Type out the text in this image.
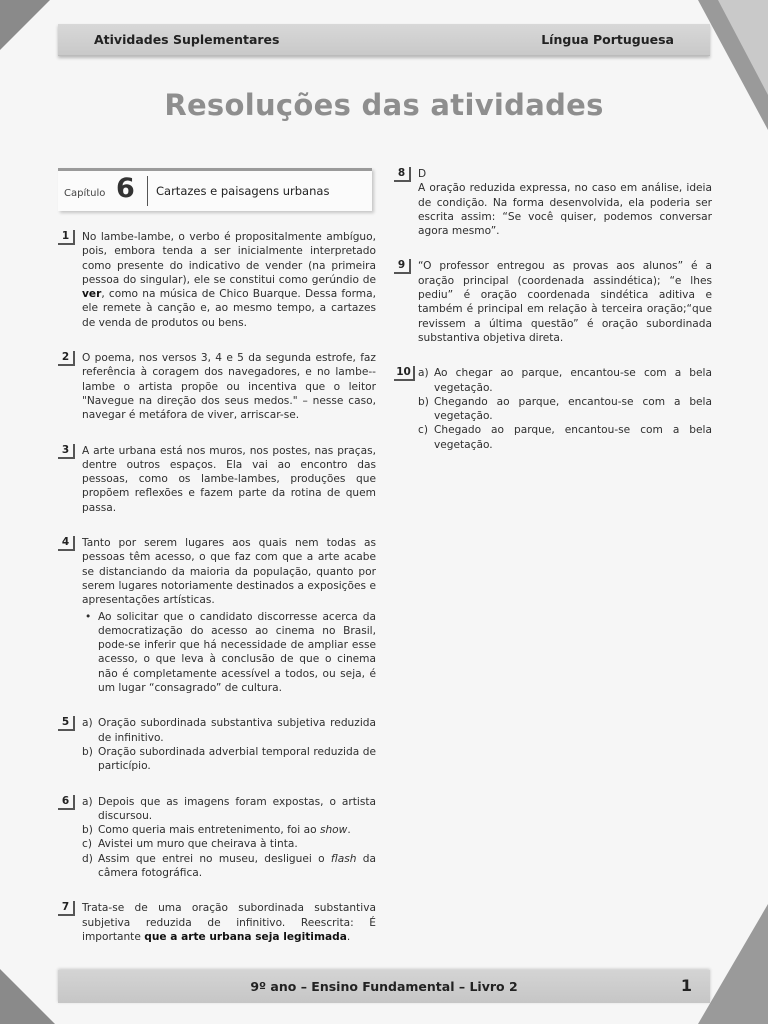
Atividades Suplementares	Língua Portuguesa
Resoluções das atividades
Capítulo 6 Cartazes e paisagens urbanas
1	No lambe-lambe, o verbo é propositalmente ambíguo, pois, embora tenda a ser inicialmente interpretado como presente do indicativo de vender (na primeira pessoa do singular), ele se constitui como gerúndio de ver, como na música de Chico Buarque. Dessa forma, ele remete à canção e, ao mesmo tempo, a cartazes de venda de produtos ou bens.

2	O poema, nos versos 3, 4 e 5 da segunda estrofe, faz referência à coragem dos navegadores, e no lambe--lambe o artista propõe ou incentiva que o leitor "Navegue na direção dos seus medos." – nesse caso, navegar é metáfora de viver, arriscar-se.

3	A arte urbana está nos muros, nos postes, nas praças, dentre outros espaços. Ela vai ao encontro das pessoas, como os lambe-lambes, produções que propõem reflexões e fazem parte da rotina de quem passa.

4	Tanto por serem lugares aos quais nem todas as pessoas têm acesso, o que faz com que a arte acabe se distanciando da maioria da população, quanto por serem lugares notoriamente destinados a exposições e apresentações artísticas.

• Ao solicitar que o candidato discorresse acerca da democratização do acesso ao cinema no Brasil, pode-se inferir que há necessidade de ampliar esse acesso, o que leva à conclusão de que o cinema não é completamente acessível a todos, ou seja, é um lugar “consagrado” de cultura.
5	a) Oração subordinada substantiva subjetiva reduzida de infinitivo.
b) Oração subordinada adverbial temporal reduzida de particípio.
6	a) Depois que as imagens foram expostas, o artista discursou.
b) Como queria mais entretenimento, foi ao show.
c) Avistei um muro que cheirava à tinta.
d) Assim que entrei no museu, desliguei o flash da câmera fotográfica.
7	Trata-se de uma oração subordinada substantiva subjetiva reduzida de infinitivo. Reescrita: É importante que a arte urbana seja legitimada.

8	D

A oração reduzida expressa, no caso em análise, ideia de condição. Na forma desenvolvida, ela poderia ser escrita assim: “Se você quiser, podemos conversar agora mesmo”.

9	“O professor entregou as provas aos alunos” é a oração principal (coordenada assindética); “e lhes pediu” é oração coordenada sindética aditiva e também é principal em relação à terceira oração;“que revissem a última questão” é oração subordinada substantiva objetiva direta.

10 a) Ao chegar ao parque, encantou-se com a bela vegetação.
b) Chegando ao parque, encantou-se com a bela vegetação.
c) Chegado ao parque, encantou-se com a bela vegetação.
9º ano – Ensino Fundamental – Livro 2	1
